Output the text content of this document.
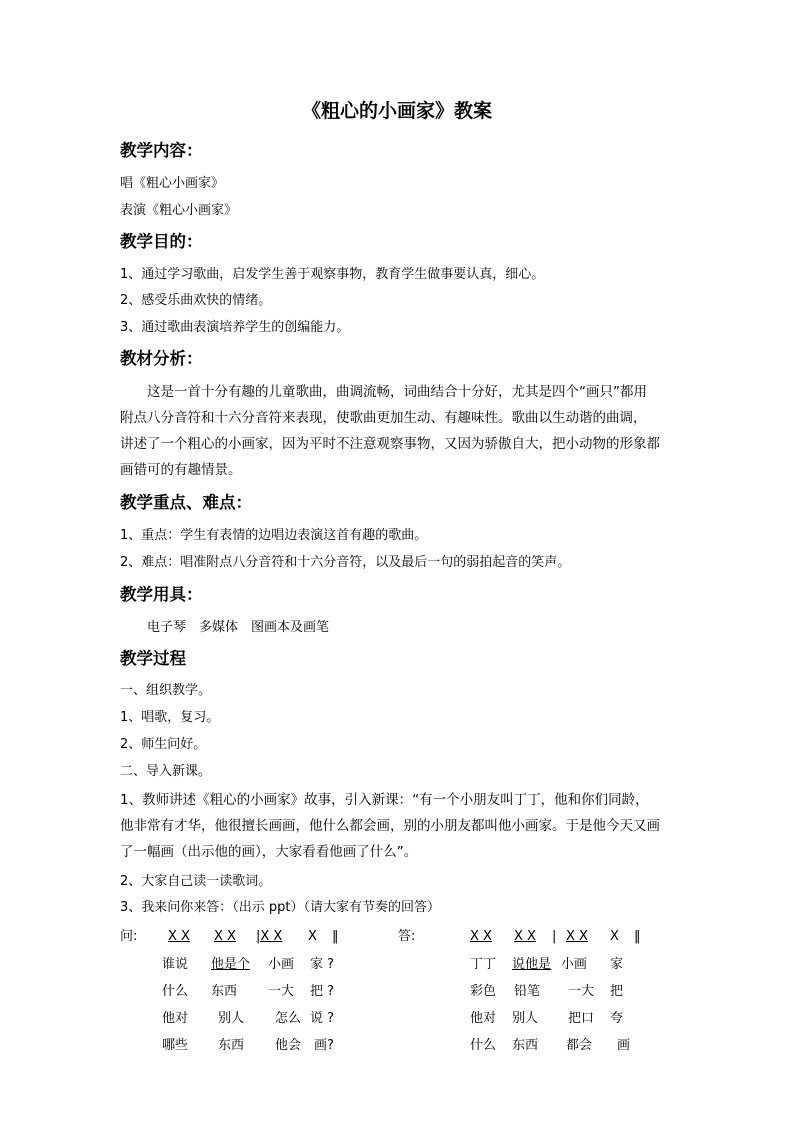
《粗心的小画家》教案
教学内容：
唱《粗心小画家》
表演《粗心小画家》
教学目的：
1、通过学习歌曲，启发学生善于观察事物，教育学生做事要认真，细心。
2、感受乐曲欢快的情绪。
3、通过歌曲表演培养学生的创编能力。
教材分析：
这是一首十分有趣的儿童歌曲，曲调流畅，词曲结合十分好，尤其是四个“画只”都用
附点八分音符和十六分音符来表现，使歌曲更加生动、有趣味性。歌曲以生动谐的曲调，
讲述了一个粗心的小画家，因为平时不注意观察事物，又因为骄傲自大，把小动物的形象都
画错可的有趣情景。
教学重点、难点：
1、重点：学生有表情的边唱边表演这首有趣的歌曲。
2、难点：唱准附点八分音符和十六分音符，以及最后一句的弱拍起音的笑声。
教学用具：
电子琴　多媒体　图画本及画笔
教学过程
一、组织教学。
1、唱歌，复习。
2、师生问好。
二、导入新课。
1、教师讲述《粗心的小画家》故事，引入新课：“有一个小朋友叫丁丁，他和你们同龄，
他非常有才华，他很擅长画画，他什么都会画，别的小朋友都叫他小画家。于是他今天又画
了一幅画（出示他的画），大家看看他画了什么”。
2、大家自己读一读歌词。
3、我来问你来答：（出示 ppt）（请大家有节奏的回答）
问: X X X X |X X X ‖	答:	X X X X | X X X ‖
谁说 他是个 小画 家 ?
什么 东西 一大 把 ?
他对 别人 怎么 说 ?
哪些 东西 他会 画?
丁丁 说他是 小画 家
彩色 铅笔 一大 把
他对 别人 把口 夸
什么 东西 都会 画
